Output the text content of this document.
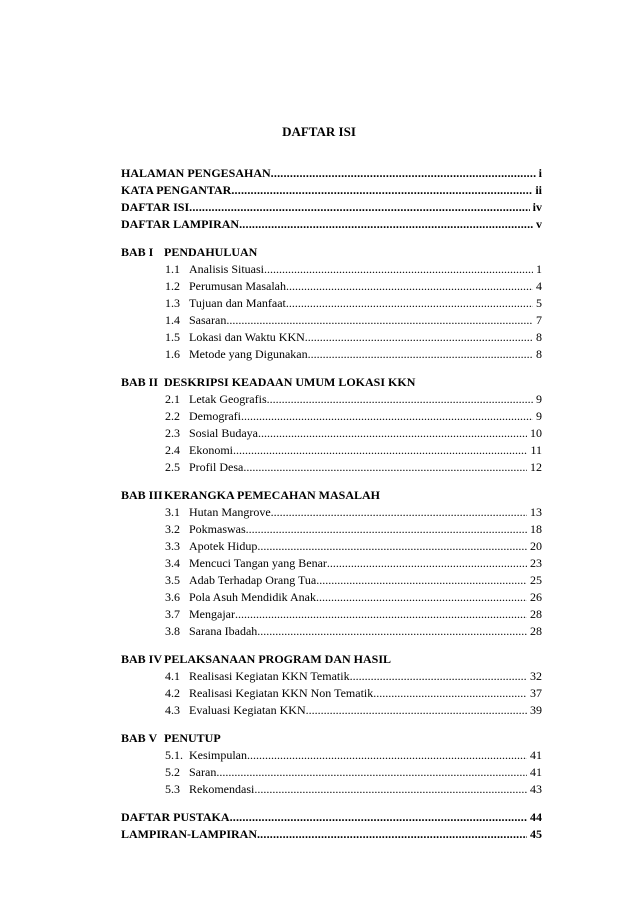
DAFTAR ISI
HALAMAN PENGESAHAN .....	i
KATA PENGANTAR .....	ii
DAFTAR ISI .....	iv
DAFTAR LAMPIRAN .....	v
BAB I PENDAHULUAN
1.1 Analisis Situasi .....	1
1.2 Perumusan Masalah .....	4
1.3 Tujuan dan Manfaat .....	5
1.4 Sasaran .....	7
1.5 Lokasi dan Waktu KKN .....	8
1.6 Metode yang Digunakan .....	8
BAB II DESKRIPSI KEADAAN UMUM LOKASI KKN
2.1 Letak Geografis .....	9
2.2 Demografi .....	9
2.3 Sosial Budaya .....	10
2.4 Ekonomi .....	11
2.5 Profil Desa .....	12
BAB IIIKERANGKA PEMECAHAN MASALAH
3.1 Hutan Mangrove .....	13
3.2 Pokmaswas .....	18
3.3 Apotek Hidup .....	20
3.4 Mencuci Tangan yang Benar .....	23
3.5 Adab Terhadap Orang Tua .....	25
3.6 Pola Asuh Mendidik Anak .....	26
3.7 Mengajar .....	28
3.8 Sarana Ibadah .....	28
BAB IV PELAKSANAAN PROGRAM DAN HASIL
4.1 Realisasi Kegiatan KKN Tematik .....	32
4.2 Realisasi Kegiatan KKN Non Tematik .....	37
4.3 Evaluasi Kegiatan KKN .....	39
BAB V PENUTUP
5.1. Kesimpulan .....	41
5.2 Saran .....	41
5.3 Rekomendasi .....	43
DAFTAR PUSTAKA .....	44
LAMPIRAN-LAMPIRAN .....	45
